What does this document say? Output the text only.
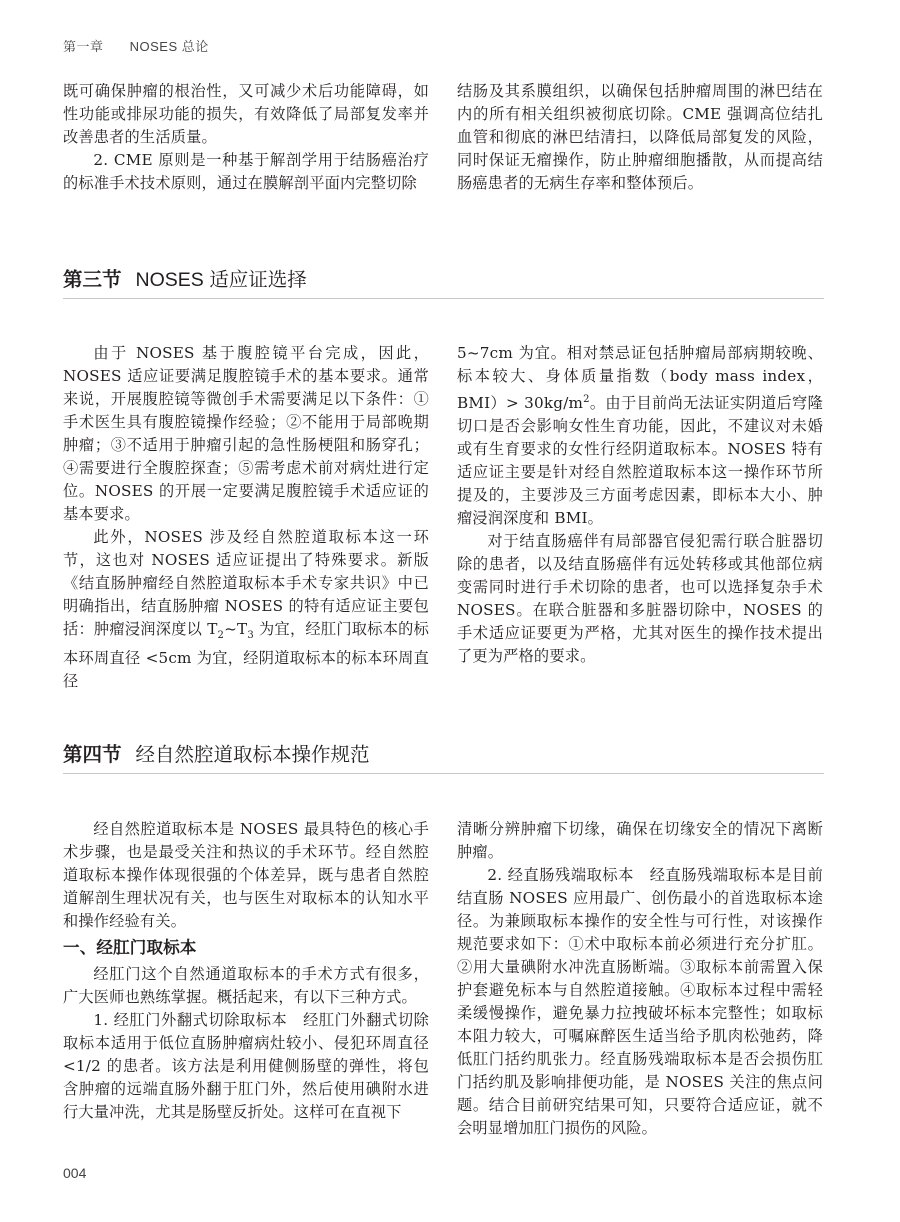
第一章 NOSES 总论

既可确保肿瘤的根治性，又可减少术后功能障碍，如性功能或排尿功能的损失，有效降低了局部复发率并改善患者的生活质量。

2. CME 原则是一种基于解剖学用于结肠癌治疗的标准手术技术原则，通过在膜解剖平面内完整切除

结肠及其系膜组织，以确保包括肿瘤周围的淋巴结在内的所有相关组织被彻底切除。CME 强调高位结扎血管和彻底的淋巴结清扫，以降低局部复发的风险，同时保证无瘤操作，防止肿瘤细胞播散，从而提高结肠癌患者的无病生存率和整体预后。

第三节 NOSES 适应证选择

由于 NOSES 基于腹腔镜平台完成，因此，NOSES 适应证要满足腹腔镜手术的基本要求。通常来说，开展腹腔镜等微创手术需要满足以下条件：①手术医生具有腹腔镜操作经验；②不能用于局部晚期肿瘤；③不适用于肿瘤引起的急性肠梗阻和肠穿孔；④需要进行全腹腔探查；⑤需考虑术前对病灶进行定位。NOSES 的开展一定要满足腹腔镜手术适应证的基本要求。

此外，NOSES 涉及经自然腔道取标本这一环节，这也对 NOSES 适应证提出了特殊要求。新版《结直肠肿瘤经自然腔道取标本手术专家共识》中已明确指出，结直肠肿瘤 NOSES 的特有适应证主要包括：肿瘤浸润深度以 $T_2\sim T_3$ 为宜，经肛门取标本的标本环周直径 <5cm 为宜，经阴道取标本的标本环周直径

5~7cm 为宜。相对禁忌证包括肿瘤局部病期较晚、标本较大、身体质量指数（body mass index，$BMI)> 30kg/m^2$。由于目前尚无法证实阴道后穹隆切口是否会影响女性生育功能，因此，不建议对未婚或有生育要求的女性行经阴道取标本。NOSES 特有适应证主要是针对经自然腔道取标本这一操作环节所提及的，主要涉及三方面考虑因素，即标本大小、肿瘤浸润深度和 BMI。

对于结直肠癌伴有局部器官侵犯需行联合脏器切除的患者，以及结直肠癌伴有远处转移或其他部位病变需同时进行手术切除的患者，也可以选择复杂手术 NOSES。在联合脏器和多脏器切除中，NOSES 的手术适应证要更为严格，尤其对医生的操作技术提出了更为严格的要求。

第四节 经自然腔道取标本操作规范

经自然腔道取标本是 NOSES 最具特色的核心手术步骤，也是最受关注和热议的手术环节。经自然腔道取标本操作体现很强的个体差异，既与患者自然腔道解剖生理状况有关，也与医生对取标本的认知水平和操作经验有关。

一、经肛门取标本

经肛门这个自然通道取标本的手术方式有很多，广大医师也熟练掌握。概括起来，有以下三种方式。

1. 经肛门外翻式切除取标本　经肛门外翻式切除取标本适用于低位直肠肿瘤病灶较小、侵犯环周直径 <1/2 的患者。该方法是利用健侧肠壁的弹性，将包含肿瘤的远端直肠外翻于肛门外，然后使用碘附水进行大量冲洗，尤其是肠壁反折处。这样可在直视下

清晰分辨肿瘤下切缘，确保在切缘安全的情况下离断肿瘤。

2. 经直肠残端取标本　经直肠残端取标本是目前结直肠 NOSES 应用最广、创伤最小的首选取标本途径。为兼顾取标本操作的安全性与可行性，对该操作规范要求如下：①术中取标本前必须进行充分扩肛。②用大量碘附水冲洗直肠断端。③取标本前需置入保护套避免标本与自然腔道接触。④取标本过程中需轻柔缓慢操作，避免暴力拉拽破坏标本完整性；如取标本阻力较大，可嘱麻醉医生适当给予肌肉松弛药，降低肛门括约肌张力。经直肠残端取标本是否会损伤肛门括约肌及影响排便功能，是 NOSES 关注的焦点问题。结合目前研究结果可知，只要符合适应证，就不会明显增加肛门损伤的风险。

004
